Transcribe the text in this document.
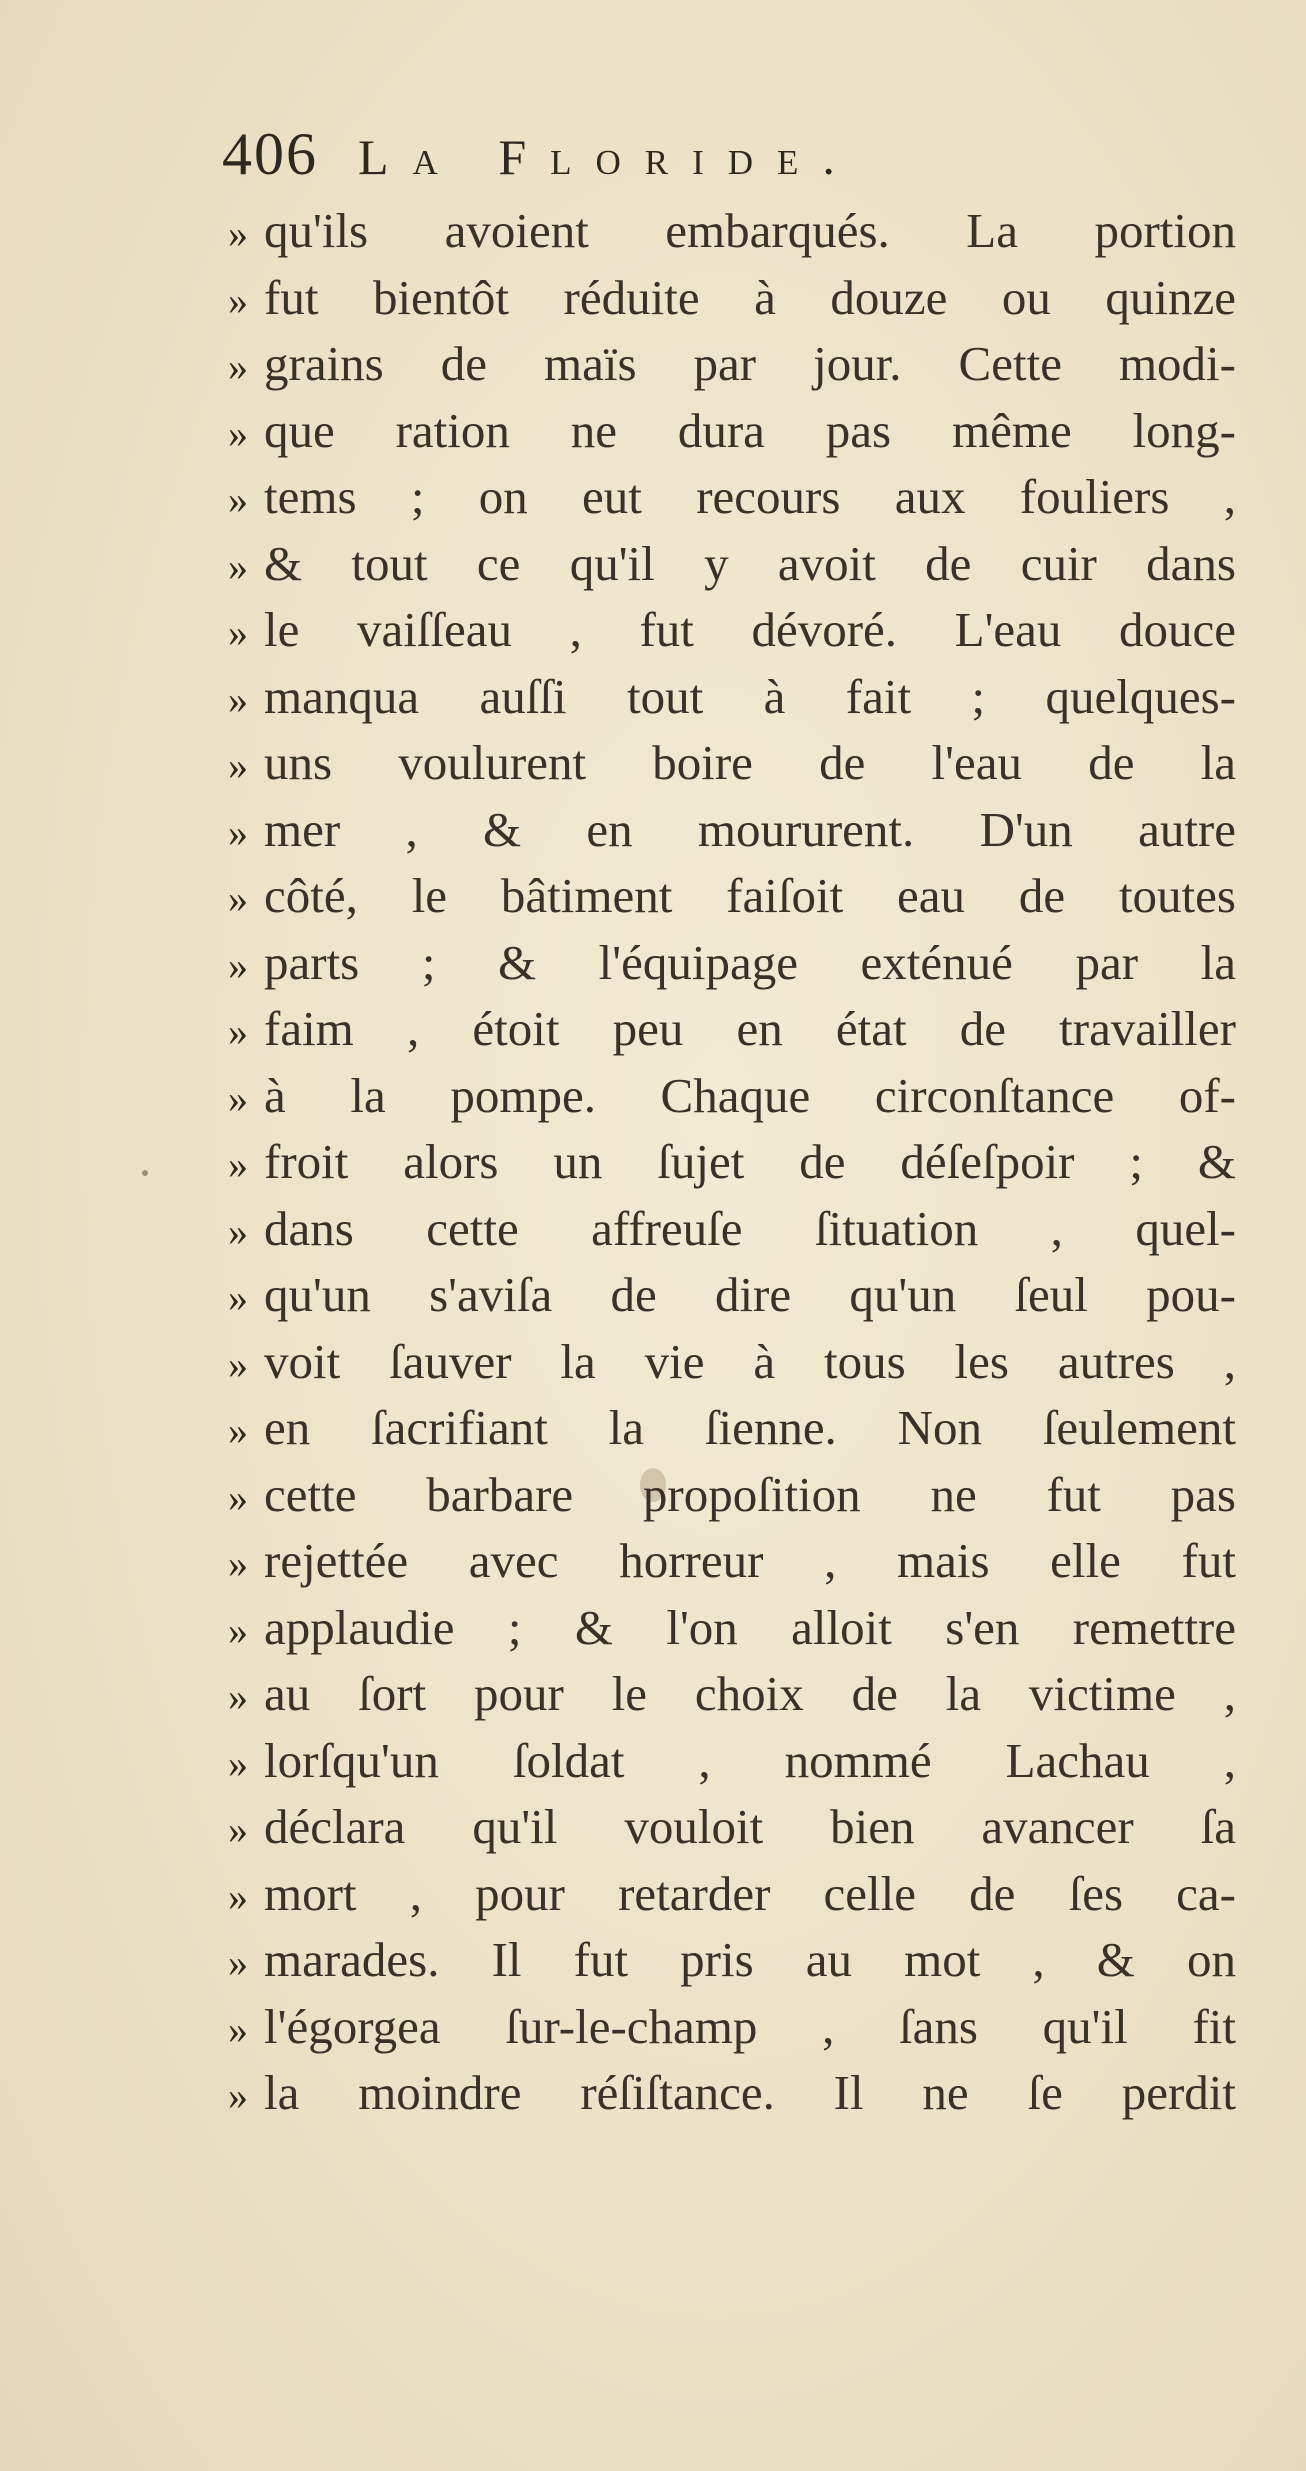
406 La Floride.
» qu'ils avoient embarqués. La portion
» fut bientôt réduite à douze ou quinze
» grains de maïs par jour. Cette modi-
» que ration ne dura pas même long-
» tems ; on eut recours aux fouliers ,
» & tout ce qu'il y avoit de cuir dans
» le vaiſſeau , fut dévoré. L'eau douce
» manqua auſſi tout à fait ; quelques-
» uns voulurent boire de l'eau de la
» mer , & en moururent. D'un autre
» côté, le bâtiment faiſoit eau de toutes
» parts ; & l'équipage exténué par la
» faim , étoit peu en état de travailler
» à la pompe. Chaque circonſtance of-
» froit alors un ſujet de déſeſpoir ; &
» dans cette affreuſe ſituation , quel-
» qu'un s'aviſa de dire qu'un ſeul pou-
» voit ſauver la vie à tous les autres ,
» en ſacrifiant la ſienne. Non ſeulement
» cette barbare propoſition ne fut pas
» rejettée avec horreur , mais elle fut
» applaudie ; & l'on alloit s'en remettre
» au ſort pour le choix de la victime ,
» lorſqu'un ſoldat , nommé Lachau ,
» déclara qu'il vouloit bien avancer ſa
» mort , pour retarder celle de ſes ca-
» marades. Il fut pris au mot , & on
» l'égorgea ſur-le-champ , ſans qu'il fit
» la moindre réſiſtance. Il ne ſe perdit
